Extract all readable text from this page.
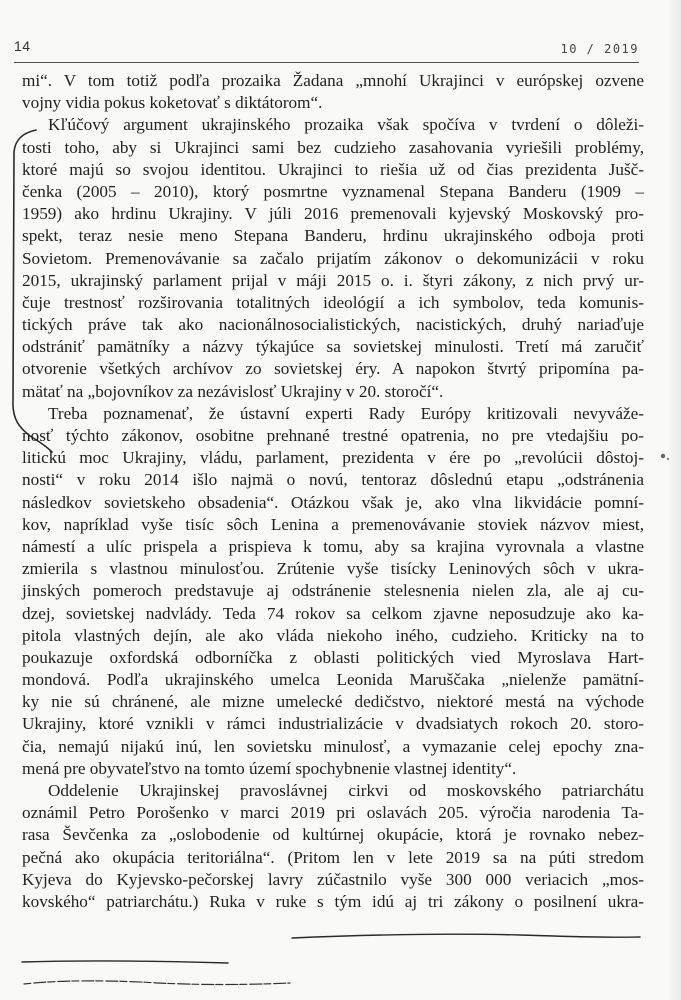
14	10 / 2019
mi“. V tom totiž podľa prozaika Žadana „mnohí Ukrajinci v európskej ozvene
vojny vidia pokus koketovať s diktátorom“.
Kľúčový argument ukrajinského prozaika však spočíva v tvrdení o dôleži-
tosti toho, aby si Ukrajinci sami bez cudzieho zasahovania vyriešili problémy,
ktoré majú so svojou identitou. Ukrajinci to riešia už od čias prezidenta Jušč-
čenka (2005 – 2010), ktorý posmrtne vyznamenal Stepana Banderu (1909 –
1959) ako hrdinu Ukrajiny. V júli 2016 premenovali kyjevský Moskovský pro-
spekt, teraz nesie meno Stepana Banderu, hrdinu ukrajinského odboja proti
Sovietom. Premenovávanie sa začalo prijatím zákonov o dekomunizácii v roku
2015, ukrajinský parlament prijal v máji 2015 o. i. štyri zákony, z nich prvý ur-
čuje trestnosť rozširovania totalitných ideológií a ich symbolov, teda komunis-
tických práve tak ako nacionálnosocialistických, nacistických, druhý nariaďuje
odstrániť pamätníky a názvy týkajúce sa sovietskej minulosti. Tretí má zaručiť
otvorenie všetkých archívov zo sovietskej éry. A napokon štvrtý pripomína pa-
mätať na „bojovníkov za nezávislosť Ukrajiny v 20. storočí“.
Treba poznamenať, že ústavní experti Rady Európy kritizovali nevyváže-
nosť týchto zákonov, osobitne prehnané trestné opatrenia, no pre vtedajšiu po-
litickú moc Ukrajiny, vládu, parlament, prezidenta v ére po „revolúcii dôstoj-
nosti“ v roku 2014 išlo najmä o novú, tentoraz dôslednú etapu „odstránenia
následkov sovietskeho obsadenia“. Otázkou však je, ako vlna likvidácie pomní-
kov, napríklad vyše tisíc sôch Lenina a premenovávanie stoviek názvov miest,
námestí a ulíc prispela a prispieva k tomu, aby sa krajina vyrovnala a vlastne
zmierila s vlastnou minulosťou. Zrútenie vyše tisícky Leninových sôch v ukra-
jinských pomeroch predstavuje aj odstránenie stelesnenia nielen zla, ale aj cu-
dzej, sovietskej nadvlády. Teda 74 rokov sa celkom zjavne neposudzuje ako ka-
pitola vlastných dejín, ale ako vláda niekoho iného, cudzieho. Kriticky na to
poukazuje oxfordská odborníčka z oblasti politických vied Myroslava Hart-
mondová. Podľa ukrajinského umelca Leonida Maruščaka „nielenže pamätní-
ky nie sú chránené, ale mizne umelecké dedičstvo, niektoré mestá na východe
Ukrajiny, ktoré vznikli v rámci industrializácie v dvadsiatych rokoch 20. storo-
čia, nemajú nijakú inú, len sovietsku minulosť, a vymazanie celej epochy zna-
mená pre obyvateľstvo na tomto území spochybnenie vlastnej identity“.
Oddelenie Ukrajinskej pravoslávnej cirkvi od moskovského patriarchátu
oznámil Petro Porošenko v marci 2019 pri oslavách 205. výročia narodenia Ta-
rasa Ševčenka za „oslobodenie od kultúrnej okupácie, ktorá je rovnako nebez-
pečná ako okupácia teritoriálna“. (Pritom len v lete 2019 sa na púti stredom
Kyjeva do Kyjevsko-pečorskej lavry zúčastnilo vyše 300 000 veriacich „mos-
kovského“ patriarchátu.) Ruka v ruke s tým idú aj tri zákony o posilnení ukra-
